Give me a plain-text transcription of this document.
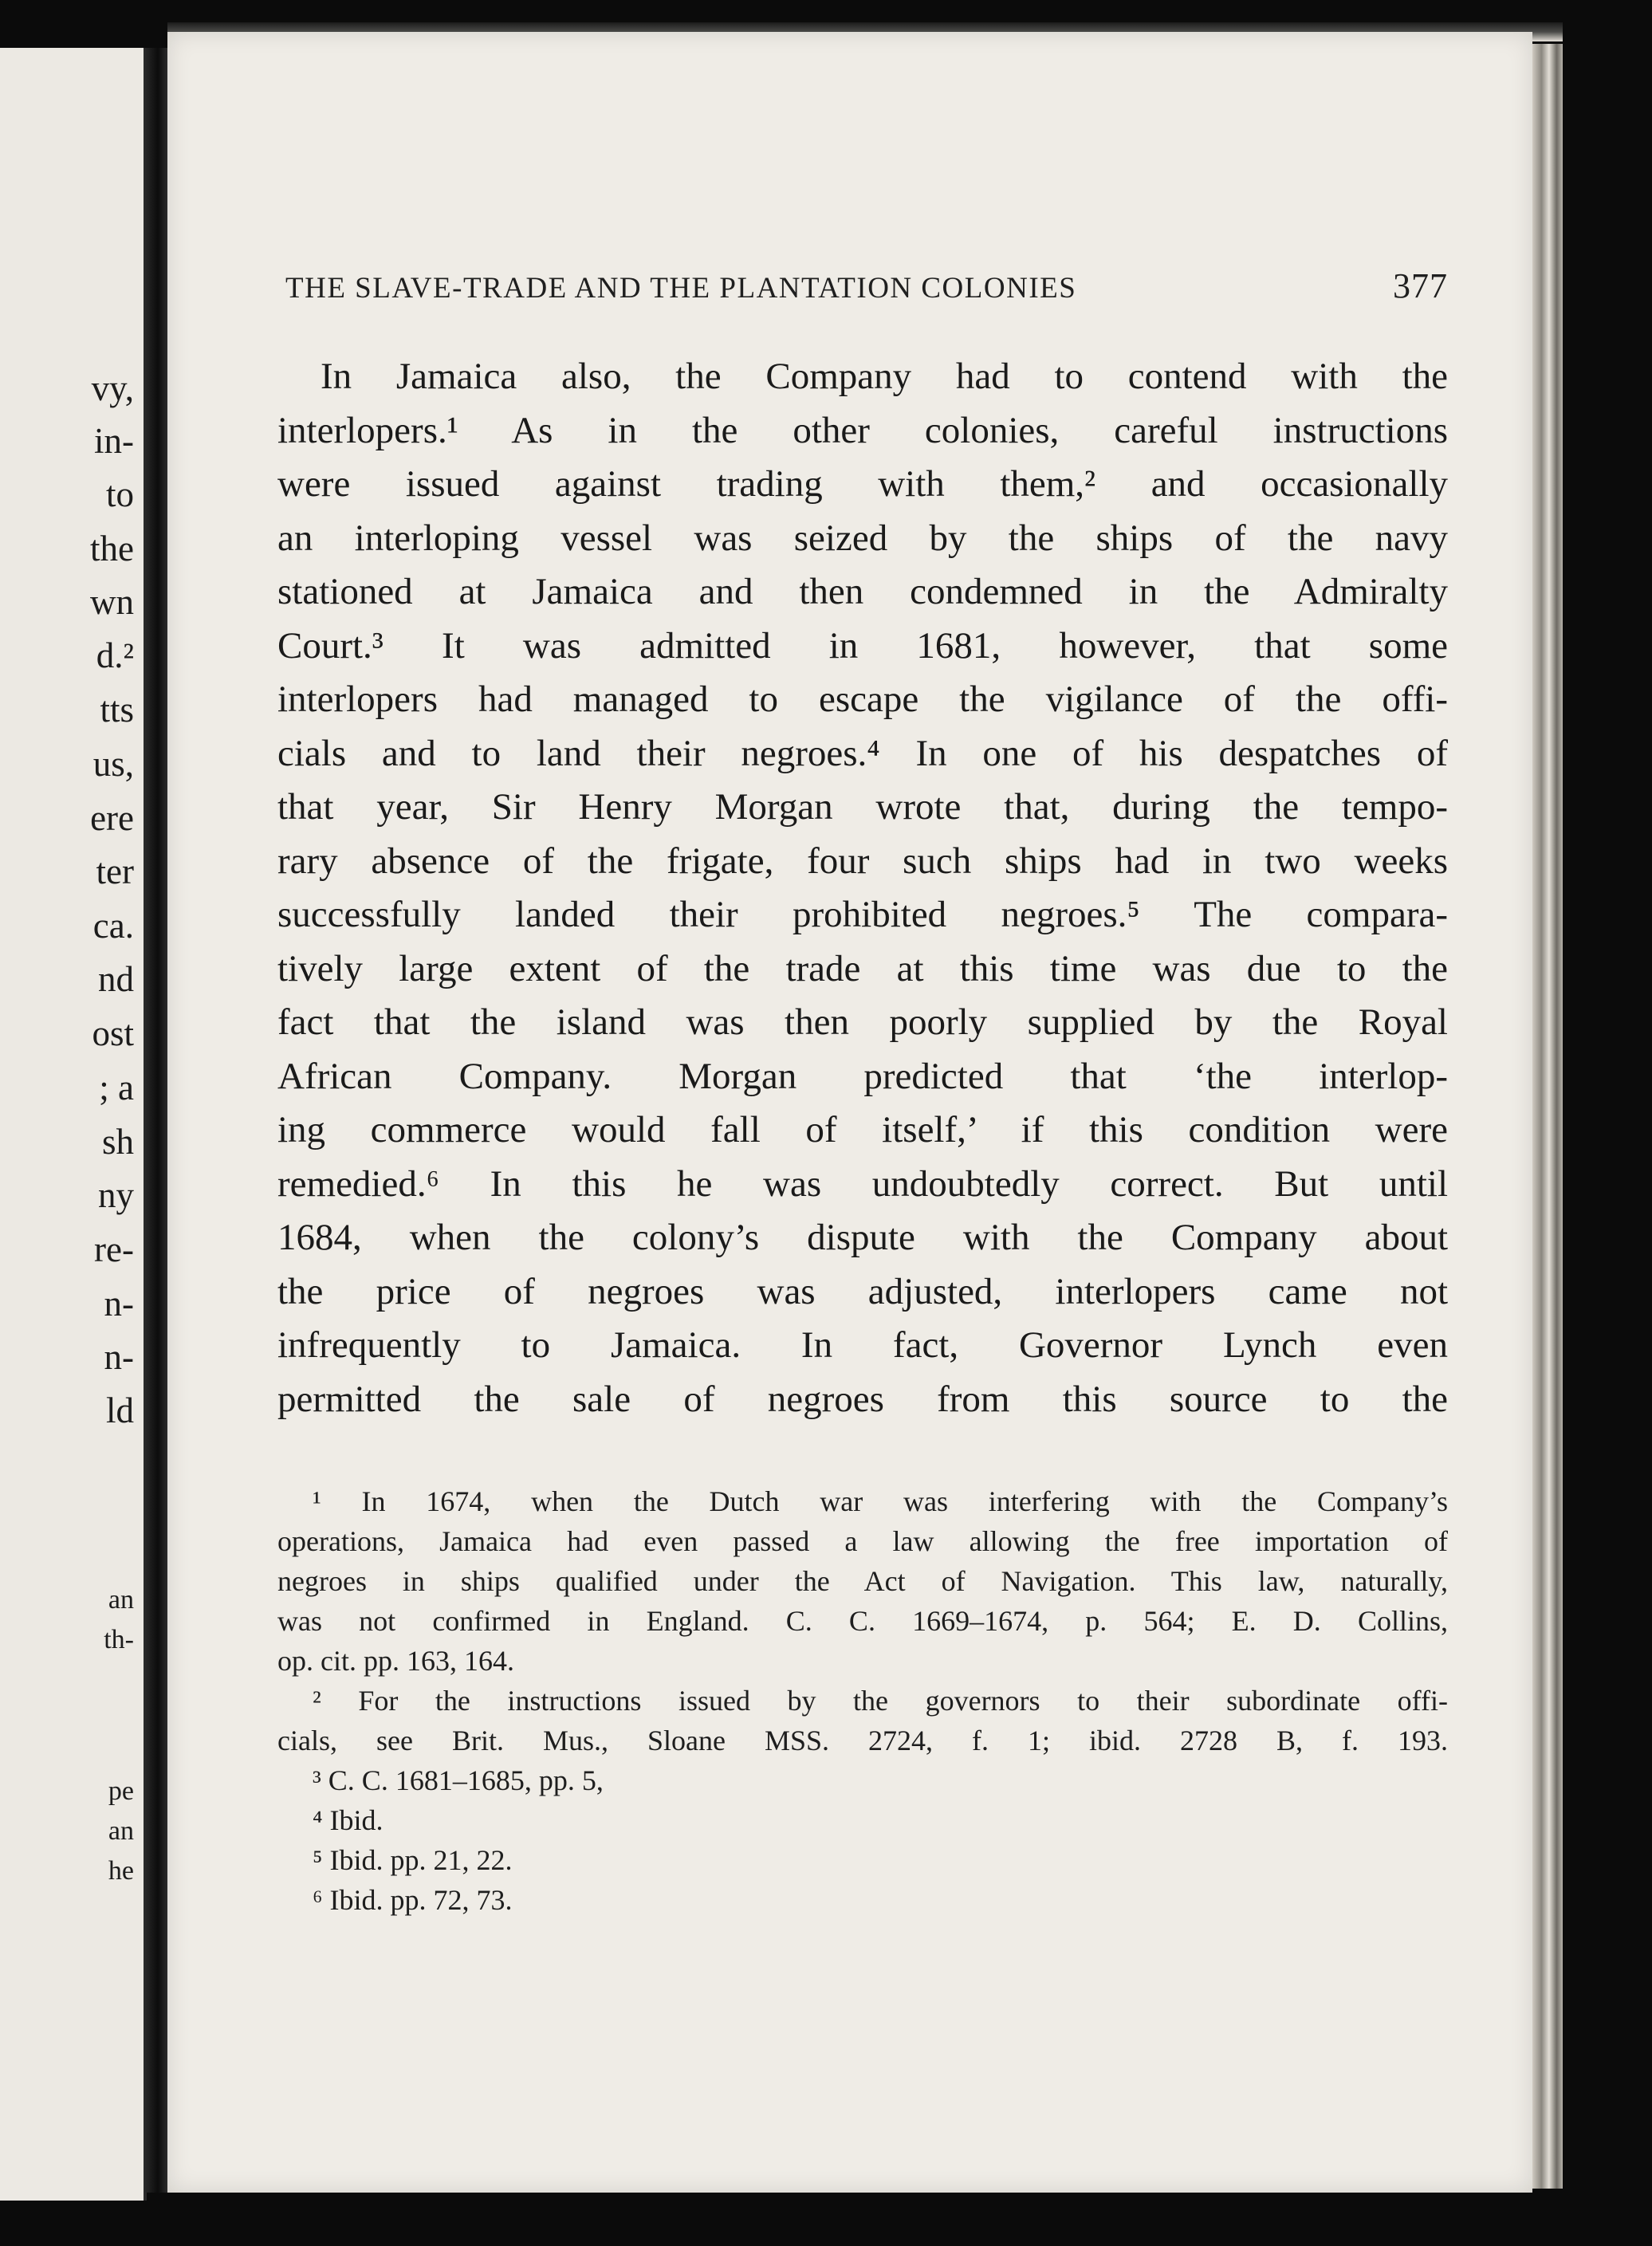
vy,
in-
to
the
wn
d.²
tts
us,
ere
ter
ca.
nd
ost
; a
sh
ny
re-
n-
n-
ld
an
th-
pe
an
he
THE SLAVE-TRADE AND THE PLANTATION COLONIES	377
In Jamaica also, the Company had to contend with the
interlopers.¹ As in the other colonies, careful instructions
were issued against trading with them,² and occasionally
an interloping vessel was seized by the ships of the navy
stationed at Jamaica and then condemned in the Admiralty
Court.³ It was admitted in 1681, however, that some
interlopers had managed to escape the vigilance of the offi-
cials and to land their negroes.⁴ In one of his despatches of
that year, Sir Henry Morgan wrote that, during the tempo-
rary absence of the frigate, four such ships had in two weeks
successfully landed their prohibited negroes.⁵ The compara-
tively large extent of the trade at this time was due to the
fact that the island was then poorly supplied by the Royal
African Company. Morgan predicted that ‘the interlop-
ing commerce would fall of itself,’ if this condition were
remedied.⁶ In this he was undoubtedly correct. But until
1684, when the colony’s dispute with the Company about
the price of negroes was adjusted, interlopers came not
infrequently to Jamaica. In fact, Governor Lynch even
permitted the sale of negroes from this source to the
¹ In 1674, when the Dutch war was interfering with the Company’s
operations, Jamaica had even passed a law allowing the free importation of
negroes in ships qualified under the Act of Navigation. This law, naturally,
was not confirmed in England. C. C. 1669–1674, p. 564; E. D. Collins,
op. cit. pp. 163, 164.
² For the instructions issued by the governors to their subordinate offi-
cials, see Brit. Mus., Sloane MSS. 2724, f. 1; ibid. 2728 B, f. 193.
³ C. C. 1681–1685, pp. 5,
⁴ Ibid.
⁵ Ibid. pp. 21, 22.
⁶ Ibid. pp. 72, 73.
